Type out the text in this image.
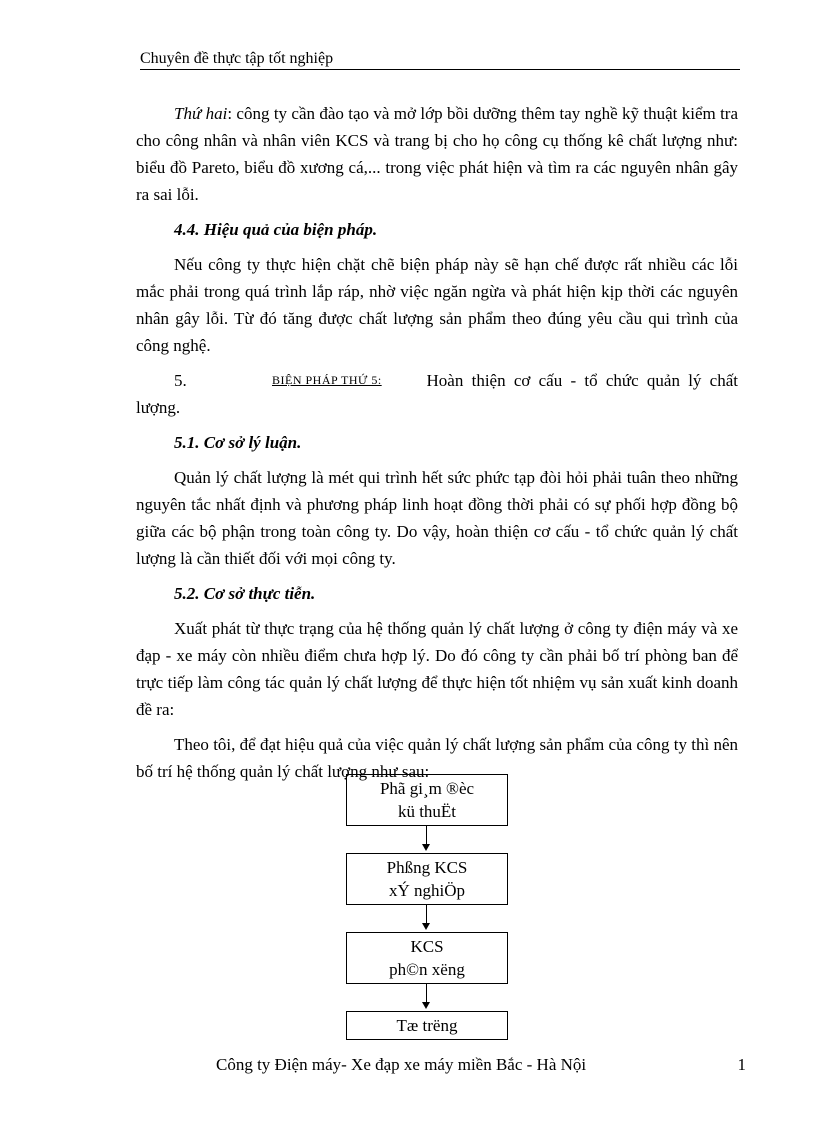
Chuyên đề thực tập tốt nghiệp

Thứ hai: công ty cần đào tạo và mở lớp bồi dưỡng thêm tay nghề kỹ thuật kiểm tra cho công nhân và nhân viên KCS và trang bị cho họ công cụ thống kê chất lượng như: biểu đồ Pareto, biểu đồ xương cá,... trong việc phát hiện và tìm ra các nguyên nhân gây ra sai lỗi.

4.4. Hiệu quả của biện pháp.

Nếu công ty thực hiện chặt chẽ biện pháp này sẽ hạn chế được rất nhiều các lỗi mắc phải trong quá trình lắp ráp, nhờ việc ngăn ngừa và phát hiện kịp thời các nguyên nhân gây lỗi. Từ đó tăng được chất lượng sản phẩm theo đúng yêu cầu qui trình của công nghệ.

5.	BIỆN PHÁP THỨ 5:	Hoàn thiện cơ cấu - tổ chức quản lý chất
lượng.
5.1. Cơ sở lý luận.

Quản lý chất lượng là mét qui trình hết sức phức tạp đòi hỏi phải tuân theo những nguyên tắc nhất định và phương pháp linh hoạt đồng thời phải có sự phối hợp đồng bộ giữa các bộ phận trong toàn công ty. Do vậy, hoàn thiện cơ cấu - tổ chức quản lý chất lượng là cần thiết đối với mọi công ty.

5.2. Cơ sở thực tiễn.

Xuất phát từ thực trạng của hệ thống quản lý chất lượng ở công ty điện máy và xe đạp - xe máy còn nhiều điểm chưa hợp lý. Do đó công ty cần phải bố trí phòng ban để trực tiếp làm công tác quản lý chất lượng để thực hiện tốt nhiệm vụ sản xuất kinh doanh đề ra:

Theo tôi, để đạt hiệu quả của việc quản lý chất lượng sản phẩm của công ty thì nên bố trí hệ thống quản lý chất lượng như sau:

Phã gi¸m ®èc
kü thuËt
Phßng KCS
xÝ nghiÖp
KCS
ph©n xëng
Tæ trëng
Công ty Điện máy- Xe đạp xe máy miền Bắc - Hà Nội	1
